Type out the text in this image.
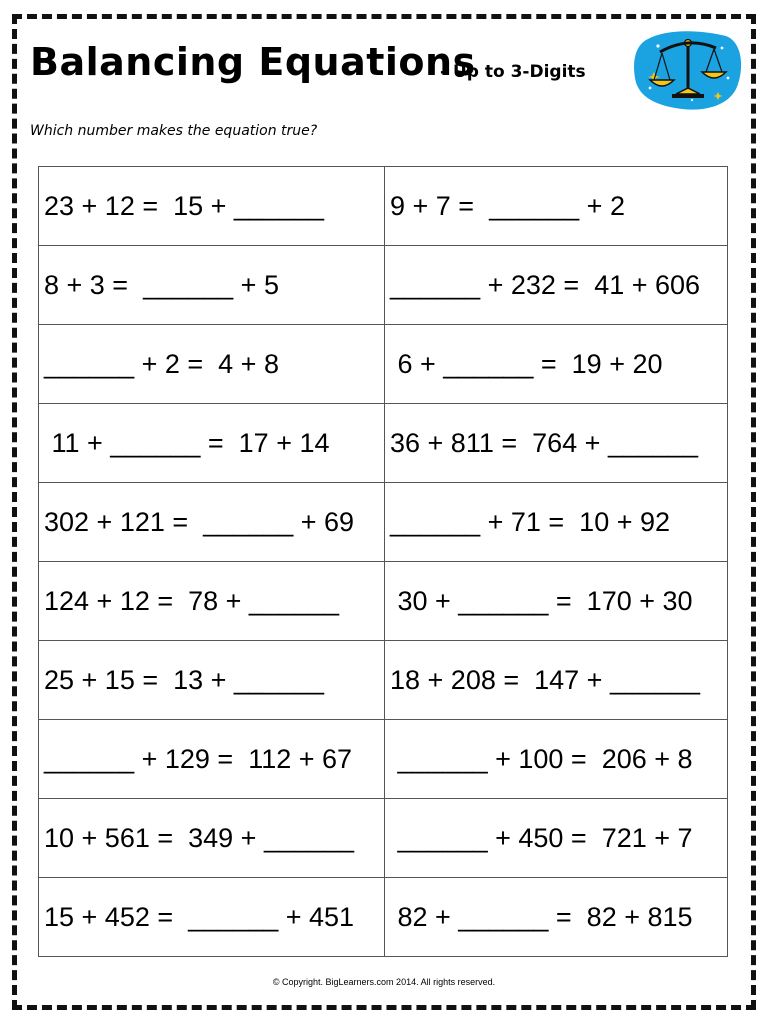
Balancing Equations
- Up to 3-Digits
Which number makes the equation true?
23 + 12 =  15 + ______	9 + 7 =  ______ + 2
8 + 3 =  ______ + 5	______ + 232 =  41 + 606
______ + 2 =  4 + 8	6 + ______ =  19 + 20
11 + ______ =  17 + 14	36 + 811 =  764 + ______
302 + 121 =  ______ + 69	______ + 71 =  10 + 92
124 + 12 =  78 + ______	30 + ______ =  170 + 30
25 + 15 =  13 + ______	18 + 208 =  147 + ______
______ + 129 =  112 + 67	______ + 100 =  206 + 8
10 + 561 =  349 + ______	______ + 450 =  721 + 7
15 + 452 =  ______ + 451	82 + ______ =  82 + 815
© Copyright. BigLearners.com 2014. All rights reserved.
